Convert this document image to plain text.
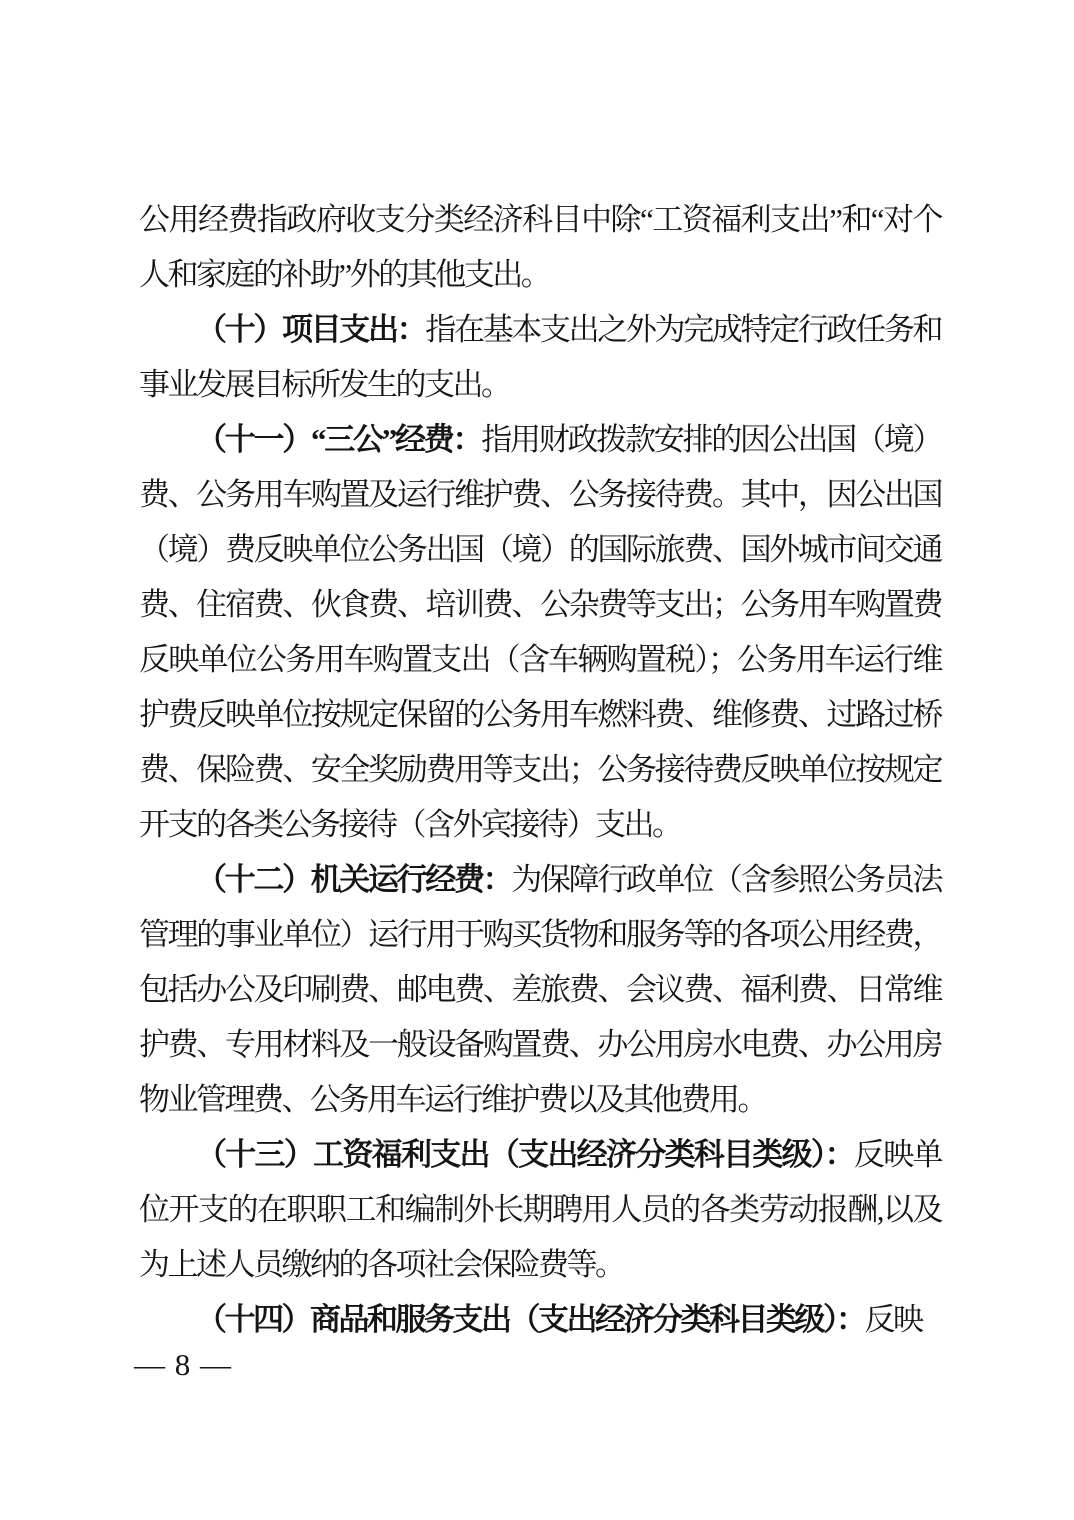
公用经费指政府收支分类经济科目中除“工资福利支出”和“对个人和家庭的补助”外的其他支出。

（十）项目支出：指在基本支出之外为完成特定行政任务和事业发展目标所发生的支出。

（十一）“三公”经费：指用财政拨款安排的因公出国（境）费、公务用车购置及运行维护费、公务接待费。其中，因公出国（境）费反映单位公务出国（境）的国际旅费、国外城市间交通费、住宿费、伙食费、培训费、公杂费等支出；公务用车购置费反映单位公务用车购置支出（含车辆购置税）；公务用车运行维护费反映单位按规定保留的公务用车燃料费、维修费、过路过桥费、保险费、安全奖励费用等支出；公务接待费反映单位按规定开支的各类公务接待（含外宾接待）支出。

（十二）机关运行经费：为保障行政单位（含参照公务员法管理的事业单位）运行用于购买货物和服务等的各项公用经费，包括办公及印刷费、邮电费、差旅费、会议费、福利费、日常维护费、专用材料及一般设备购置费、办公用房水电费、办公用房物业管理费、公务用车运行维护费以及其他费用。

（十三）工资福利支出（支出经济分类科目类级）：反映单位开支的在职职工和编制外长期聘用人员的各类劳动报酬,以及为上述人员缴纳的各项社会保险费等。

（十四）商品和服务支出（支出经济分类科目类级）：反映

— 8 —
